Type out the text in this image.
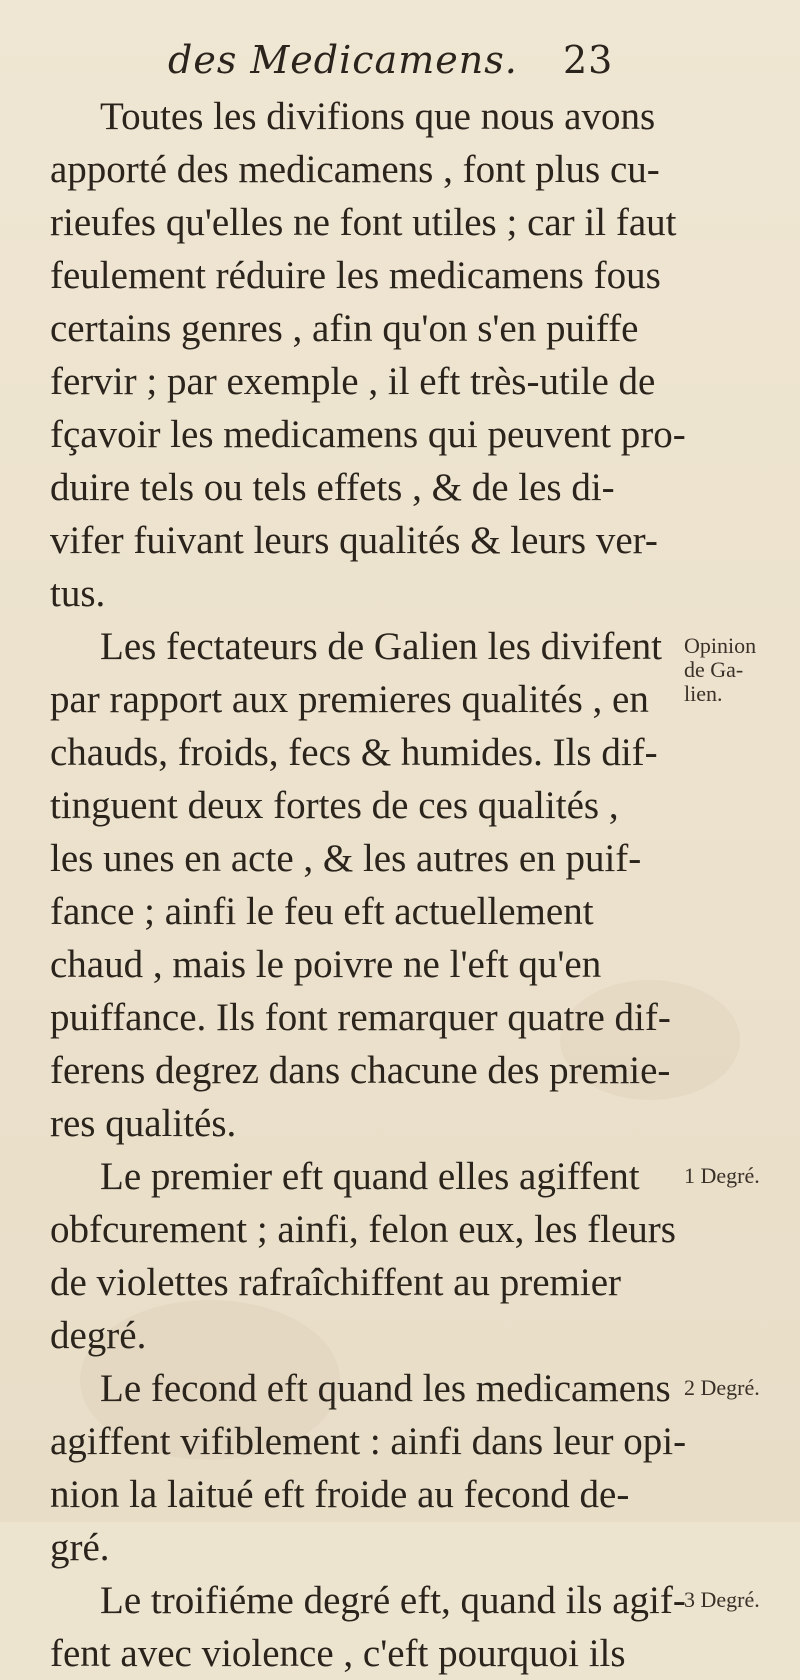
des Medicamens. 23
Toutes les divifions que nous avons
apporté des medicamens , font plus cu-
rieufes qu'elles ne font utiles ; car il faut
feulement réduire les medicamens fous
certains genres , afin qu'on s'en puiffe
fervir ; par exemple , il eft très-utile de
fçavoir les medicamens qui peuvent pro-
duire tels ou tels effets , & de les di-
vifer fuivant leurs qualités & leurs ver-
tus.
Les fectateurs de Galien les divifent
par rapport aux premieres qualités , en
chauds, froids, fecs & humides. Ils dif-
tinguent deux fortes de ces qualités ,
les unes en acte , & les autres en puif-
fance ; ainfi le feu eft actuellement
chaud , mais le poivre ne l'eft qu'en
puiffance. Ils font remarquer quatre dif-
ferens degrez dans chacune des premie-
res qualités.
Le premier eft quand elles agiffent
obfcurement ; ainfi, felon eux, les fleurs
de violettes rafraîchiffent au premier
degré.
Le fecond eft quand les medicamens
agiffent vifiblement : ainfi dans leur opi-
nion la laitué eft froide au fecond de-
gré.
Le troifiéme degré eft, quand ils agif-
fent avec violence , c'eft pourquoi ils
Opinion
de Ga-
lien.
1 Degré.
2 Degré.
3 Degré.
